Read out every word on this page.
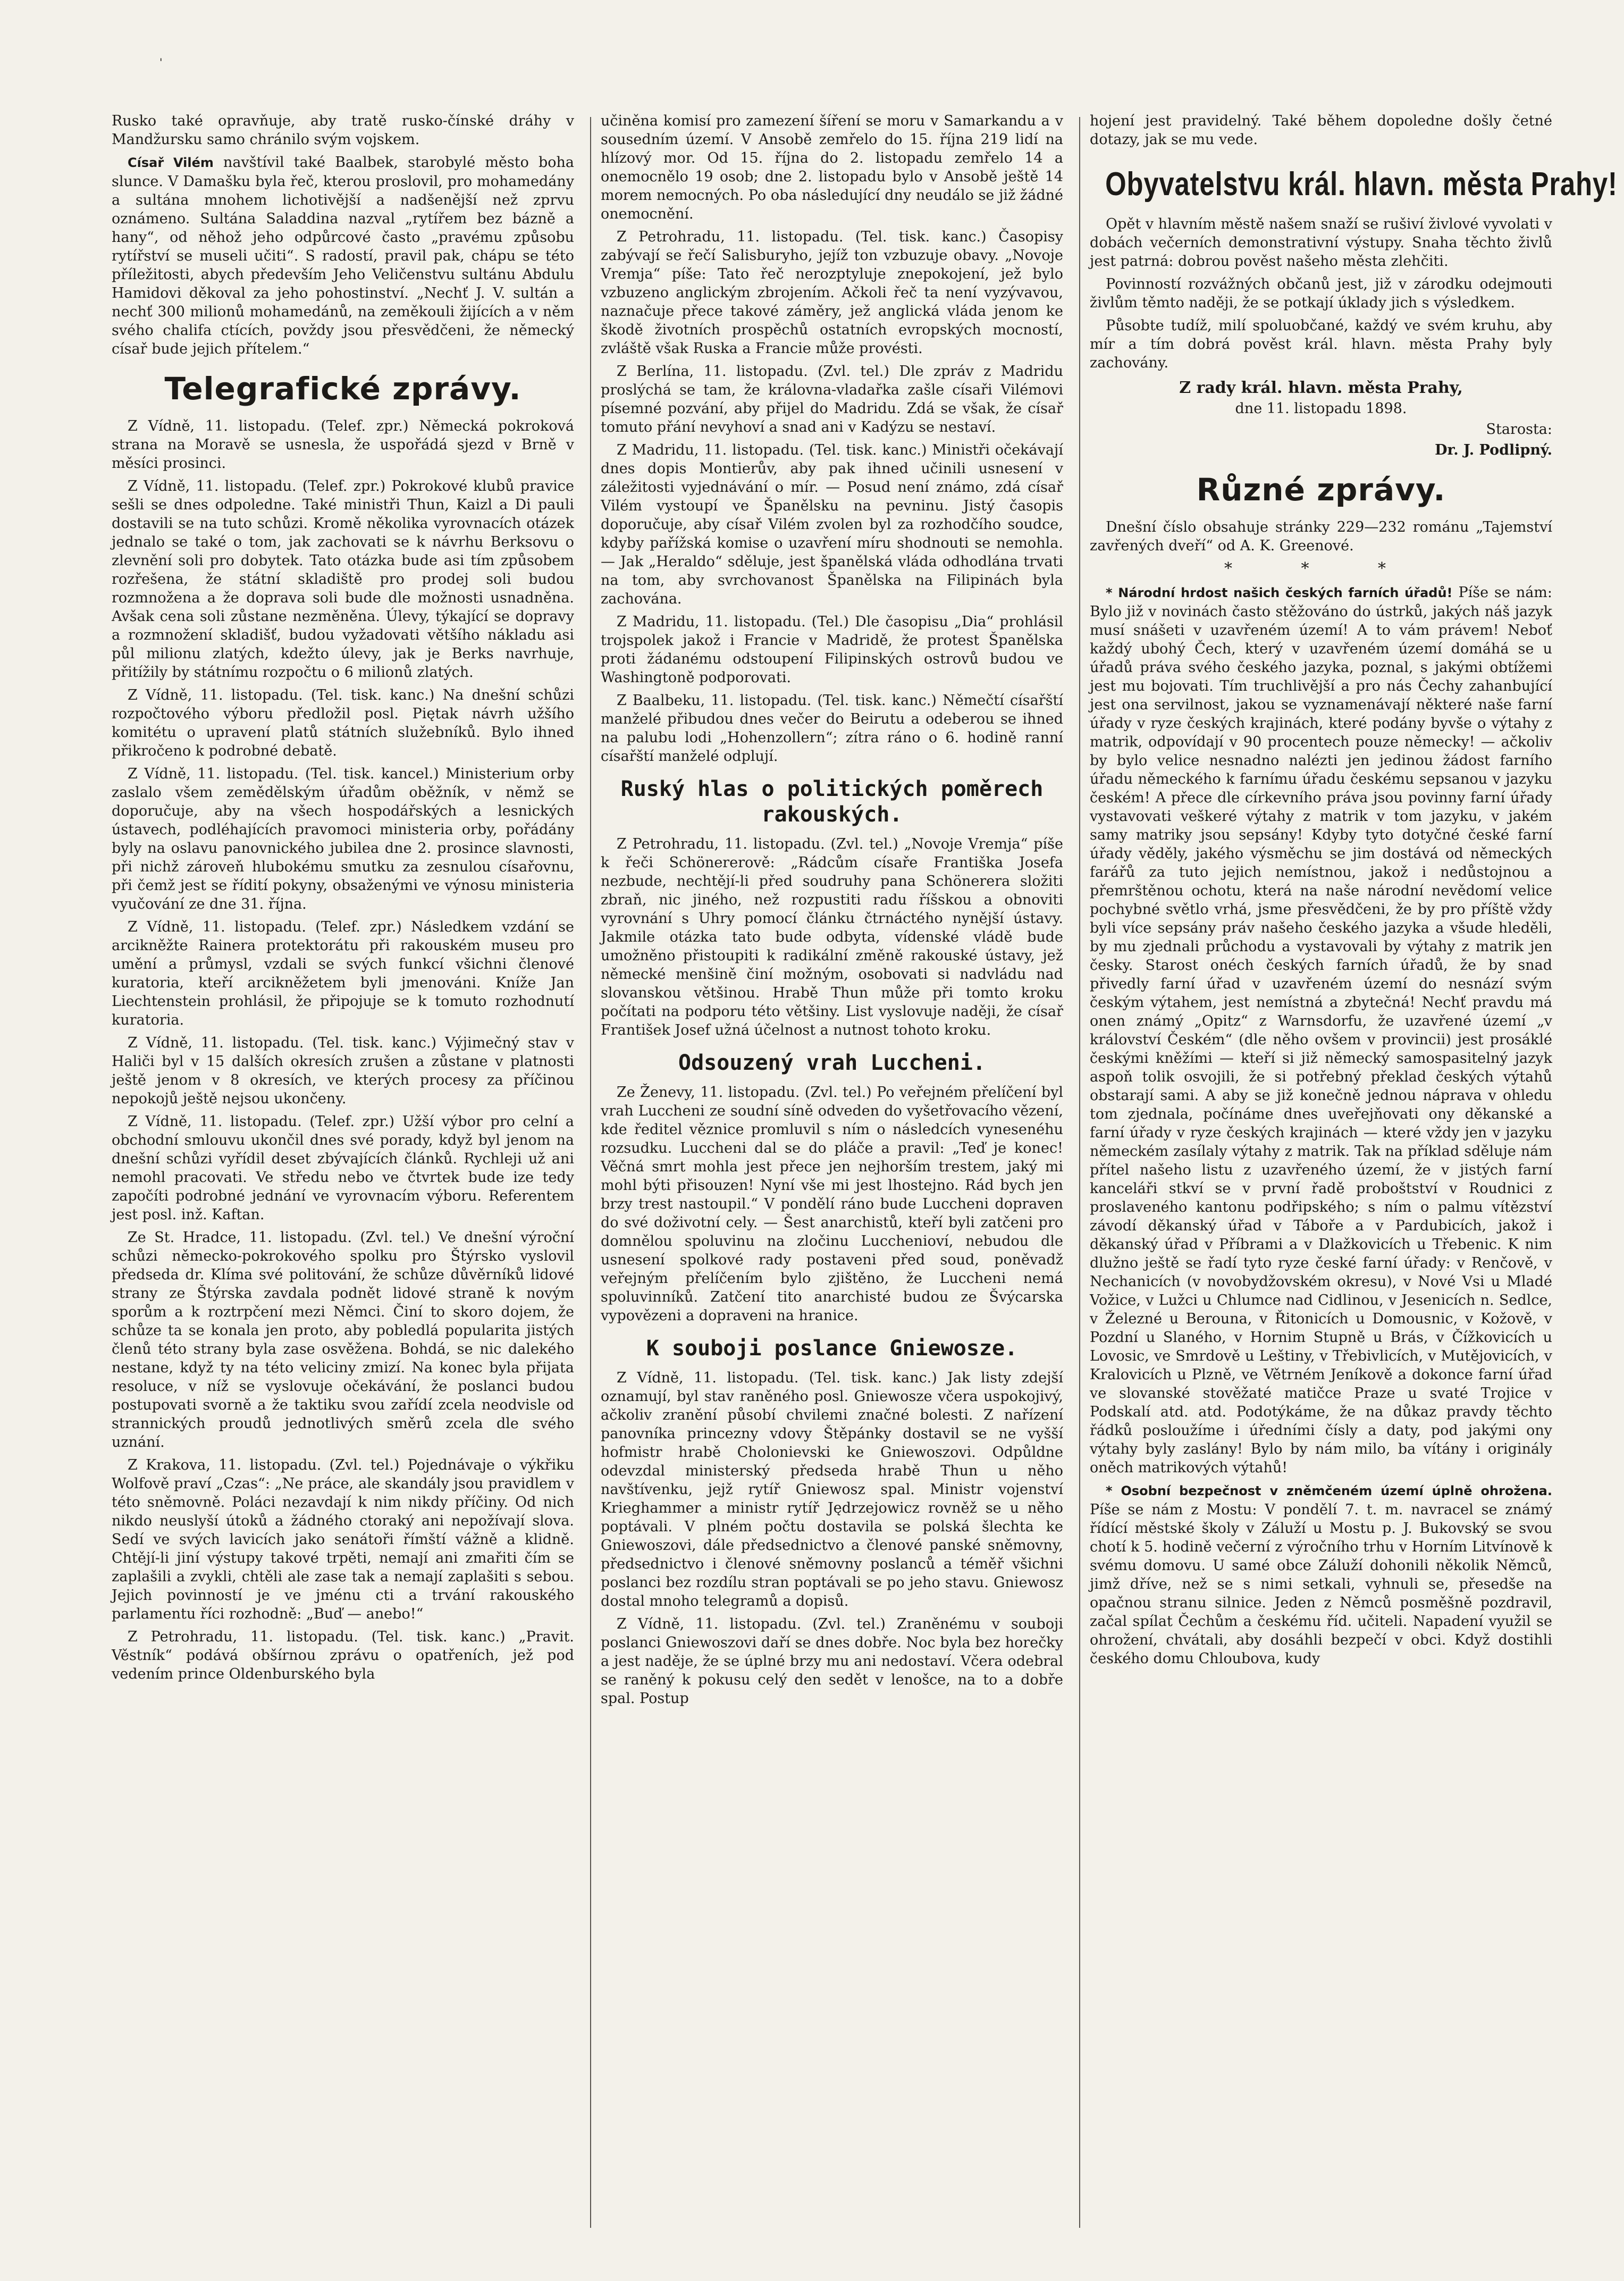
'

Rusko také opravňuje, aby tratě rusko-čínské dráhy v Mandžursku samo chránilo svým vojskem.

Císař Vilém navštívil také Baalbek, starobylé město boha slunce. V Damašku byla řeč, kterou proslovil, pro mohamedány a sultána mnohem lichotivější a nadšenější než zprvu oznámeno. Sultána Saladdina nazval „rytířem bez bázně a hany“, od něhož jeho odpůrcové často „pravému způsobu rytířství se museli učiti“. S radostí, pravil pak, chápu se této příležitosti, abych především Jeho Veličenstvu sultánu Abdulu Hamidovi děkoval za jeho pohostinství. „Nechť J. V. sultán a nechť 300 milionů mohamedánů, na zeměkouli žijících a v něm svého chalifa ctících, povždy jsou přesvědčeni, že německý císař bude jejich přítelem.“

Telegrafické zprávy.

Z Vídně, 11. listopadu. (Telef. zpr.) Německá pokroková strana na Moravě se usnesla, že uspořádá sjezd v Brně v měsíci prosinci.

Z Vídně, 11. listopadu. (Telef. zpr.) Pokrokové klubů pravice sešli se dnes odpoledne. Také ministři Thun, Kaizl a Di pauli dostavili se na tuto schůzi. Kromě několika vyrovnacích otázek jednalo se také o tom, jak zachovati se k návrhu Berksovu o zlevnění soli pro dobytek. Tato otázka bude asi tím způsobem rozřešena, že státní skladiště pro prodej soli budou rozmnožena a že doprava soli bude dle možnosti usnadněna. Avšak cena soli zůstane nezměněna. Úlevy, týkající se dopravy a rozmnožení skladišť, budou vyžadovati většího nákladu asi půl milionu zlatých, kdežto úlevy, jak je Berks navrhuje, přitížily by státnímu rozpočtu o 6 milionů zlatých.

Z Vídně, 11. listopadu. (Tel. tisk. kanc.) Na dnešní schůzi rozpočtového výboru předložil posl. Piętak návrh užšího komitétu o upravení platů státních služebníků. Bylo ihned přikročeno k podrobné debatě.

Z Vídně, 11. listopadu. (Tel. tisk. kancel.) Ministerium orby zaslalo všem zemědělským úřadům oběžník, v němž se doporučuje, aby na všech hospodářských a lesnických ústavech, podléhajících pravomoci ministeria orby, pořádány byly na oslavu panovnického jubilea dne 2. prosince slavnosti, při nichž zároveň hlubokému smutku za zesnulou císařovnu, při čemž jest se řídití pokyny, obsaženými ve výnosu ministeria vyučování ze dne 31. října.

Z Vídně, 11. listopadu. (Telef. zpr.) Následkem vzdání se arcikněžte Rainera protektorátu při rakouském museu pro umění a průmysl, vzdali se svých funkcí všichni členové kuratoria, kteří arcikněžetem byli jmenováni. Kníže Jan Liechtenstein prohlásil, že připojuje se k tomuto rozhodnutí kuratoria.

Z Vídně, 11. listopadu. (Tel. tisk. kanc.) Výjimečný stav v Haliči byl v 15 dalších okresích zrušen a zůstane v platnosti ještě jenom v 8 okresích, ve kterých procesy za příčinou nepokojů ještě nejsou ukončeny.

Z Vídně, 11. listopadu. (Telef. zpr.) Užší výbor pro celní a obchodní smlouvu ukončil dnes své porady, když byl jenom na dnešní schůzi vyřídil deset zbývajících článků. Rychleji už ani nemohl pracovati. Ve středu nebo ve čtvrtek bude ize tedy započíti podrobné jednání ve vyrovnacím výboru. Referentem jest posl. inž. Kaftan.

Ze St. Hradce, 11. listopadu. (Zvl. tel.) Ve dnešní výroční schůzi německo-pokrokového spolku pro Štýrsko vyslovil předseda dr. Klíma své politování, že schůze důvěrníků lidové strany ze Štýrska zavdala podnět lidové straně k novým sporům a k roztrpčení mezi Němci. Činí to skoro dojem, že schůze ta se konala jen proto, aby pobledlá popularita jistých členů této strany byla zase osvěžena. Bohdá, se nic dalekého nestane, když ty na této veliciny zmizí. Na konec byla přijata resoluce, v níž se vyslovuje očekávání, že poslanci budou postupovati svorně a že taktiku svou zařídí zcela neodvisle od strannických proudů jednotlivých směrů zcela dle svého uznání.

Z Krakova, 11. listopadu. (Zvl. tel.) Pojednávaje o výkřiku Wolfově praví „Czas“: „Ne práce, ale skandály jsou pravidlem v této sněmovně. Poláci nezavdají k nim nikdy příčiny. Od nich nikdo neuslyší útoků a žádného ctoraký ani nepožívají slova. Sedí ve svých lavicích jako senátoři římští vážně a klidně. Chtějí-li jiní výstupy takové trpěti, nemají ani zmařiti čím se zaplašili a zvykli, chtěli ale zase tak a nemají zaplašiti s sebou. Jejich povinností je ve jménu cti a trvání rakouského parlamentu říci rozhodně: „Buď — anebo!“

Z Petrohradu, 11. listopadu. (Tel. tisk. kanc.) „Pravit. Věstník“ podává obšírnou zprávu o opatřeních, jež pod vedením prince Oldenburského byla

učiněna komisí pro zamezení šíření se moru v Samarkandu a v sousedním území. V Ansobě zemřelo do 15. října 219 lidí na hlízový mor. Od 15. října do 2. listopadu zemřelo 14 a onemocnělo 19 osob; dne 2. listopadu bylo v Ansobě ještě 14 morem nemocných. Po oba následující dny neudálo se již žádné onemocnění.

Z Petrohradu, 11. listopadu. (Tel. tisk. kanc.) Časopisy zabývají se řečí Salisburyho, jejíž ton vzbuzuje obavy. „Novoje Vremja“ píše: Tato řeč nerozptyluje znepokojení, jež bylo vzbuzeno anglickým zbrojením. Ačkoli řeč ta není vyzývavou, naznačuje přece takové záměry, jež anglická vláda jenom ke škodě životních prospěchů ostatních evropských mocností, zvláště však Ruska a Francie může provésti.

Z Berlína, 11. listopadu. (Zvl. tel.) Dle zpráv z Madridu proslýchá se tam, že královna-vladařka zašle císaři Vilémovi písemné pozvání, aby přijel do Madridu. Zdá se však, že císař tomuto přání nevyhoví a snad ani v Kadýzu se nestaví.

Z Madridu, 11. listopadu. (Tel. tisk. kanc.) Ministři očekávají dnes dopis Montierův, aby pak ihned učinili usnesení v záležitosti vyjednávání o mír. — Posud není známo, zdá císař Vilém vystoupí ve Španělsku na pevninu. Jistý časopis doporučuje, aby císař Vilém zvolen byl za rozhodčího soudce, kdyby pařížská komise o uzavření míru shodnouti se nemohla. — Jak „Heraldo“ sděluje, jest španělská vláda odhodlána trvati na tom, aby svrchovanost Španělska na Filipinách byla zachována.

Z Madridu, 11. listopadu. (Tel.) Dle časopisu „Dia“ prohlásil trojspolek jakož i Francie v Madridě, že protest Španělska proti žádanému odstoupení Filipinských ostrovů budou ve Washingtoně podporovati.

Z Baalbeku, 11. listopadu. (Tel. tisk. kanc.) Němečtí císařští manželé přibudou dnes večer do Beirutu a odeberou se ihned na palubu lodi „Hohenzollern“; zítra ráno o 6. hodině ranní císařští manželé odplují.

Ruský hlas o politických poměrech rakouských.

Z Petrohradu, 11. listopadu. (Zvl. tel.) „Novoje Vremja“ píše k řeči Schönererově: „Rádcům císaře Františka Josefa nezbude, nechtějí-li před soudruhy pana Schönerera složiti zbraň, nic jiného, než rozpustiti radu říšskou a obnoviti vyrovnání s Uhry pomocí článku čtrnáctého nynější ústavy. Jakmile otázka tato bude odbyta, vídenské vládě bude umožněno přistoupiti k radikální změně rakouské ústavy, jež německé menšině činí možným, osobovati si nadvládu nad slovanskou většinou. Hrabě Thun může při tomto kroku počítati na podporu této většiny. List vyslovuje naději, že císař František Josef užná účelnost a nutnost tohoto kroku.

Odsouzený vrah Luccheni.

Ze Ženevy, 11. listopadu. (Zvl. tel.) Po veřejném přelíčení byl vrah Luccheni ze soudní síně odveden do vyšetřovacího vězení, kde ředitel věznice promluvil s ním o následcích vynesenéhu rozsudku. Luccheni dal se do pláče a pravil: „Teď je konec! Věčná smrt mohla jest přece jen nejhorším trestem, jaký mi mohl býti přisouzen! Nyní vše mi jest lhostejno. Rád bych jen brzy trest nastoupil.“ V pondělí ráno bude Luccheni dopraven do své doživotní cely. — Šest anarchistů, kteří byli zatčeni pro domnělou spoluvinu na zločinu Lucchenioví, nebudou dle usnesení spolkové rady postaveni před soud, poněvadž veřejným přelíčením bylo zjištěno, že Luccheni nemá spoluvinníků. Zatčení tito anarchisté budou ze Švýcarska vypovězeni a dopraveni na hranice.

K souboji poslance Gniewosze.

Z Vídně, 11. listopadu. (Tel. tisk. kanc.) Jak listy zdejší oznamují, byl stav raněného posl. Gniewosze včera uspokojivý, ačkoliv zranění působí chvilemi značné bolesti. Z nařízení panovníka princezny vdovy Štěpánky dostavil se ne vyšší hofmistr hrabě Cholonievski ke Gniewoszovi. Odpůldne odevzdal ministerský předseda hrabě Thun u něho navštívenku, jejž rytíř Gniewosz spal. Ministr vojenství Krieghammer a ministr rytíř Jędrzejowicz rovněž se u něho poptávali. V plném počtu dostavila se polská šlechta ke Gniewoszovi, dále předsednictvo a členové panské sněmovny, předsednictvo i členové sněmovny poslanců a téměř všichni poslanci bez rozdílu stran poptávali se po jeho stavu. Gniewosz dostal mnoho telegramů a dopisů.

Z Vídně, 11. listopadu. (Zvl. tel.) Zraněnému v souboji poslanci Gniewoszovi daří se dnes dobře. Noc byla bez horečky a jest naděje, že se úplné brzy mu ani nedostaví. Včera odebral se raněný k pokusu celý den sedět v lenošce, na to a dobře spal. Postup

hojení jest pravidelný. Také během dopoledne došly četné dotazy, jak se mu vede.

Obyvatelstvu král. hlavn. města Prahy!

Opět v hlavním městě našem snaží se rušiví živlové vyvolati v dobách večerních demonstrativní výstupy. Snaha těchto živlů jest patrná: dobrou pověst našeho města zlehčiti.

Povinností rozvážných občanů jest, již v zárodku odejmouti živlům těmto naději, že se potkají úklady jich s výsledkem.

Působte tudíž, milí spoluobčané, každý ve svém kruhu, aby mír a tím dobrá pověst král. hlavn. města Prahy byly zachovány.

Z rady král. hlavn. města Prahy,
dne 11. listopadu 1898.
Starosta:
Dr. J. Podlipný.
Různé zprávy.

Dnešní číslo obsahuje stránky 229—232 románu „Tajemství zavřených dveří“ od A. K. Greenové.

* * *

* Národní hrdost našich českých farních úřadů! Píše se nám: Bylo již v novinách často stěžováno do ústrků, jakých náš jazyk musí snášeti v uzavřeném území! A to vám právem! Neboť každý ubohý Čech, který v uzavřeném území domáhá se u úřadů práva svého českého jazyka, poznal, s jakými obtížemi jest mu bojovati. Tím truchlivější a pro nás Čechy zahanbující jest ona servilnost, jakou se vyznamenávají některé naše farní úřady v ryze českých krajinách, které podány byvše o výtahy z matrik, odpovídají v 90 procentech pouze německy! — ačkoliv by bylo velice nesnadno nalézti jen jedinou žádost farního úřadu německého k farnímu úřadu českému sepsanou v jazyku českém! A přece dle církevního práva jsou povinny farní úřady vystavovati veškeré výtahy z matrik v tom jazyku, v jakém samy matriky jsou sepsány! Kdyby tyto dotyčné české farní úřady věděly, jakého výsměchu se jim dostává od německých farářů za tuto jejich nemístnou, jakož i nedůstojnou a přemrštěnou ochotu, která na naše národní nevědomí velice pochybné světlo vrhá, jsme přesvědčeni, že by pro příště vždy byli více sepsány práv našeho českého jazyka a všude hleděli, by mu zjednali průchodu a vystavovali by výtahy z matrik jen česky. Starost onéch českých farních úřadů, že by snad přivedly farní úřad v uzavřeném území do nesnází svým českým výtahem, jest nemístná a zbytečná! Nechť pravdu má onen známý „Opitz“ z Warnsdorfu, že uzavřené území „v království Českém“ (dle něho ovšem v provincii) jest prosáklé českými kněžími — kteří si již německý samospasitelný jazyk aspoň tolik osvojili, že si potřebný překlad českých výtahů obstarají sami. A aby se již konečně jednou náprava v ohledu tom zjednala, počínáme dnes uveřejňovati ony děkanské a farní úřady v ryze českých krajinách — které vždy jen v jazyku německém zasílaly výtahy z matrik. Tak na příklad sděluje nám přítel našeho listu z uzavřeného území, že v jistých farní kanceláři stkví se v první řadě proboštství v Roudnici z proslaveného kantonu podřipského; s ním o palmu vítězství závodí děkanský úřad v Táboře a v Pardubicích, jakož i děkanský úřad v Příbrami a v Dlažkovicích u Třebenic. K nim dlužno ještě se řadí tyto ryze české farní úřady: v Renčově, v Nechanicích (v novobydžovském okresu), v Nové Vsi u Mladé Vožice, v Lužci u Chlumce nad Cidlinou, v Jesenicích n. Sedlce, v Železné u Berouna, v Řitonicích u Domousnic, v Kožově, v Pozdní u Slaného, v Hornim Stupně u Brás, v Čížkovicích u Lovosic, ve Smrdově u Leštiny, v Třebivlicích, v Mutějovicích, v Kralovicích u Plzně, ve Větrném Jeníkově a dokonce farní úřad ve slovanské stověžaté matičce Praze u svaté Trojice v Podskalí atd. atd. Podotýkáme, že na důkaz pravdy těchto řádků posloužíme i úředními čísly a daty, pod jakými ony výtahy byly zaslány! Bylo by nám milo, ba vítány i originály oněch matrikových výtahů!

* Osobní bezpečnost v zněmčeném území úplně ohrožena. Píše se nám z Mostu: V pondělí 7. t. m. navracel se známý řídící městské školy v Záluží u Mostu p. J. Bukovský se svou chotí k 5. hodině večerní z výročního trhu v Horním Litvínově k svému domovu. U samé obce Záluží dohonili několik Němců, jimž dříve, než se s nimi setkali, vyhnuli se, přesedše na opačnou stranu silnice. Jeden z Němců posměšně pozdravil, začal spílat Čechům a českému říd. učiteli. Napadení využil se ohrožení, chvátali, aby dosáhli bezpečí v obci. Když dostihli českého domu Chloubova, kudy
